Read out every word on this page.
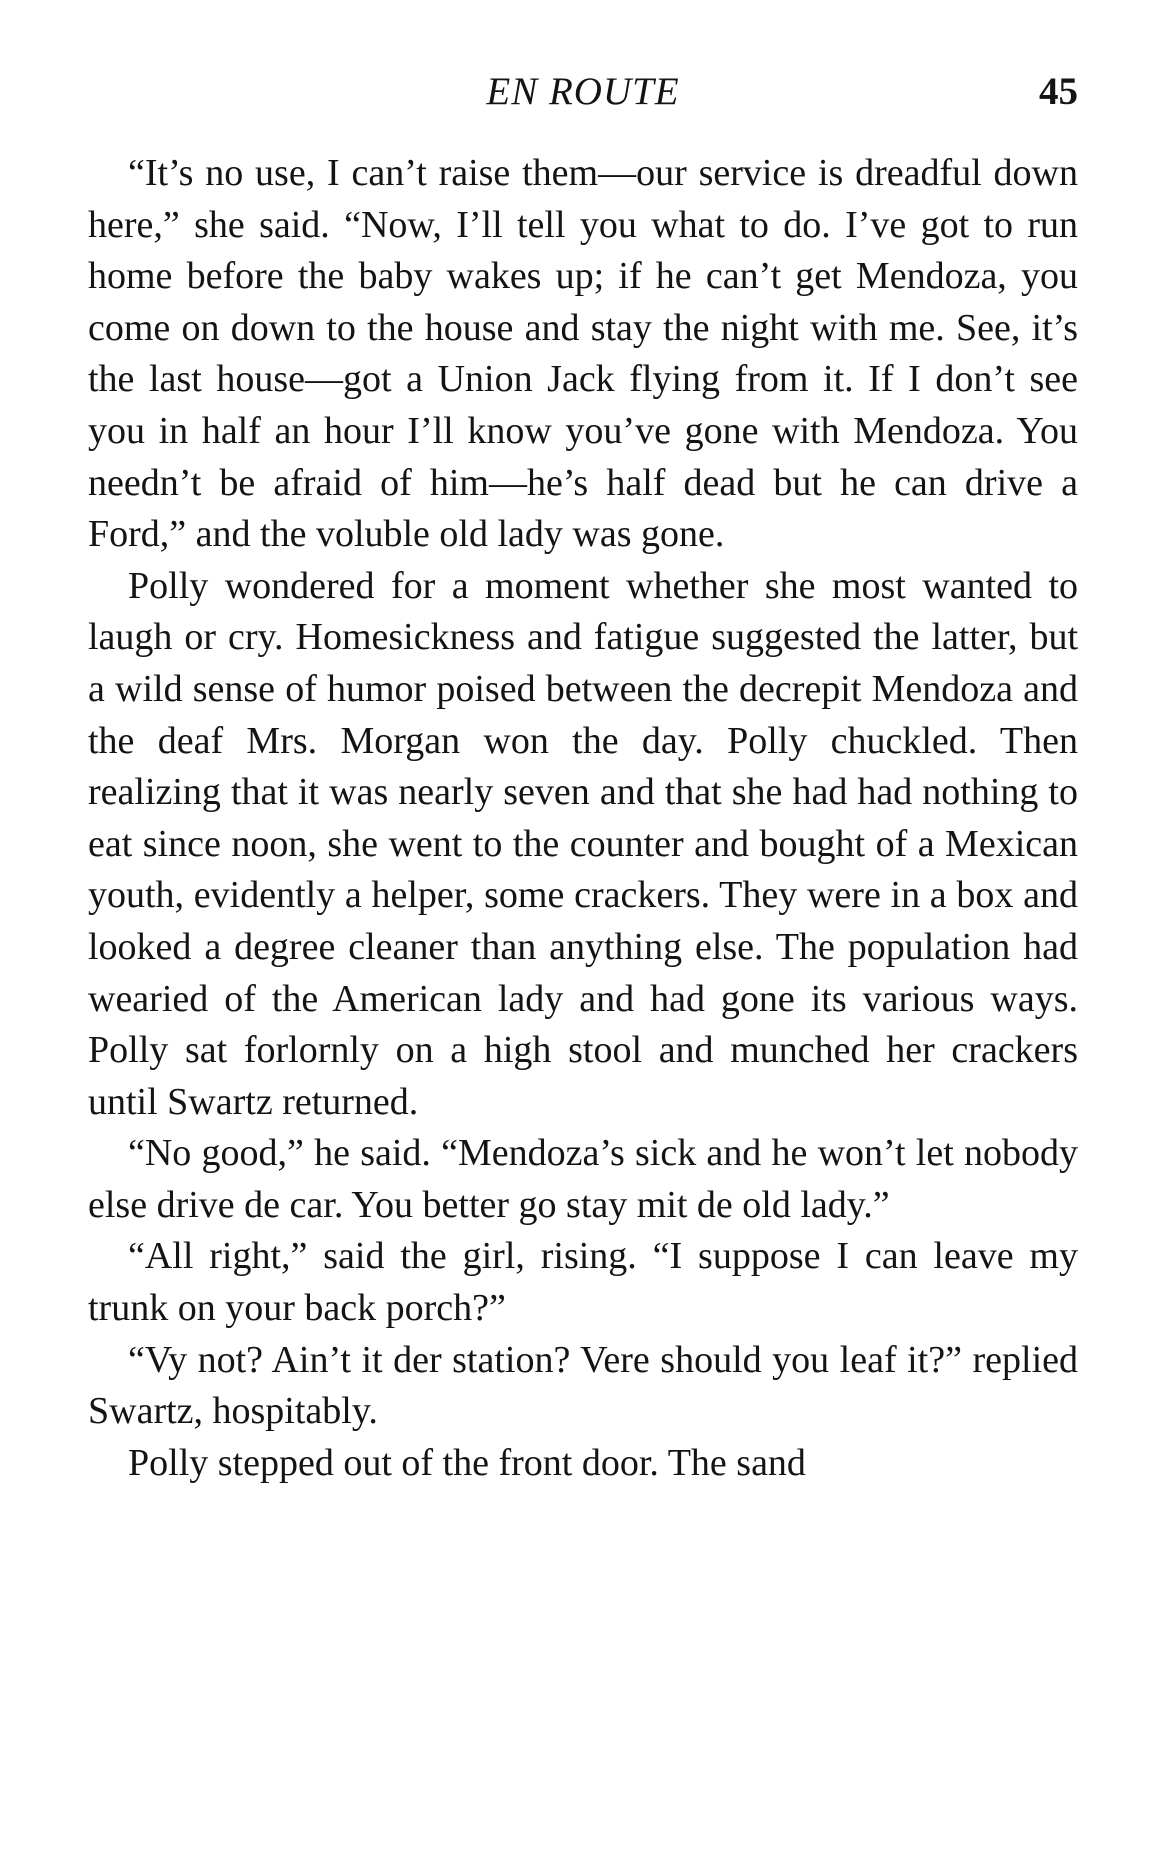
EN ROUTE	45

“It’s no use, I can’t raise them—our service is dreadful down here,” she said. “Now, I’ll tell you what to do. I’ve got to run home before the baby wakes up; if he can’t get Mendoza, you come on down to the house and stay the night with me. See, it’s the last house—got a Union Jack flying from it. If I don’t see you in half an hour I’ll know you’ve gone with Mendoza. You needn’t be afraid of him—he’s half dead but he can drive a Ford,” and the voluble old lady was gone.

Polly wondered for a moment whether she most wanted to laugh or cry. Homesickness and fatigue suggested the latter, but a wild sense of humor poised between the decrepit Mendoza and the deaf Mrs. Morgan won the day. Polly chuckled. Then realizing that it was nearly seven and that she had had nothing to eat since noon, she went to the counter and bought of a Mexican youth, evidently a helper, some crackers. They were in a box and looked a degree cleaner than anything else. The population had wearied of the American lady and had gone its various ways. Polly sat forlornly on a high stool and munched her crackers until Swartz returned.

“No good,” he said. “Mendoza’s sick and he won’t let nobody else drive de car. You better go stay mit de old lady.”

“All right,” said the girl, rising. “I suppose I can leave my trunk on your back porch?”

“Vy not? Ain’t it der station? Vere should you leaf it?” replied Swartz, hospitably.

Polly stepped out of the front door. The sand
